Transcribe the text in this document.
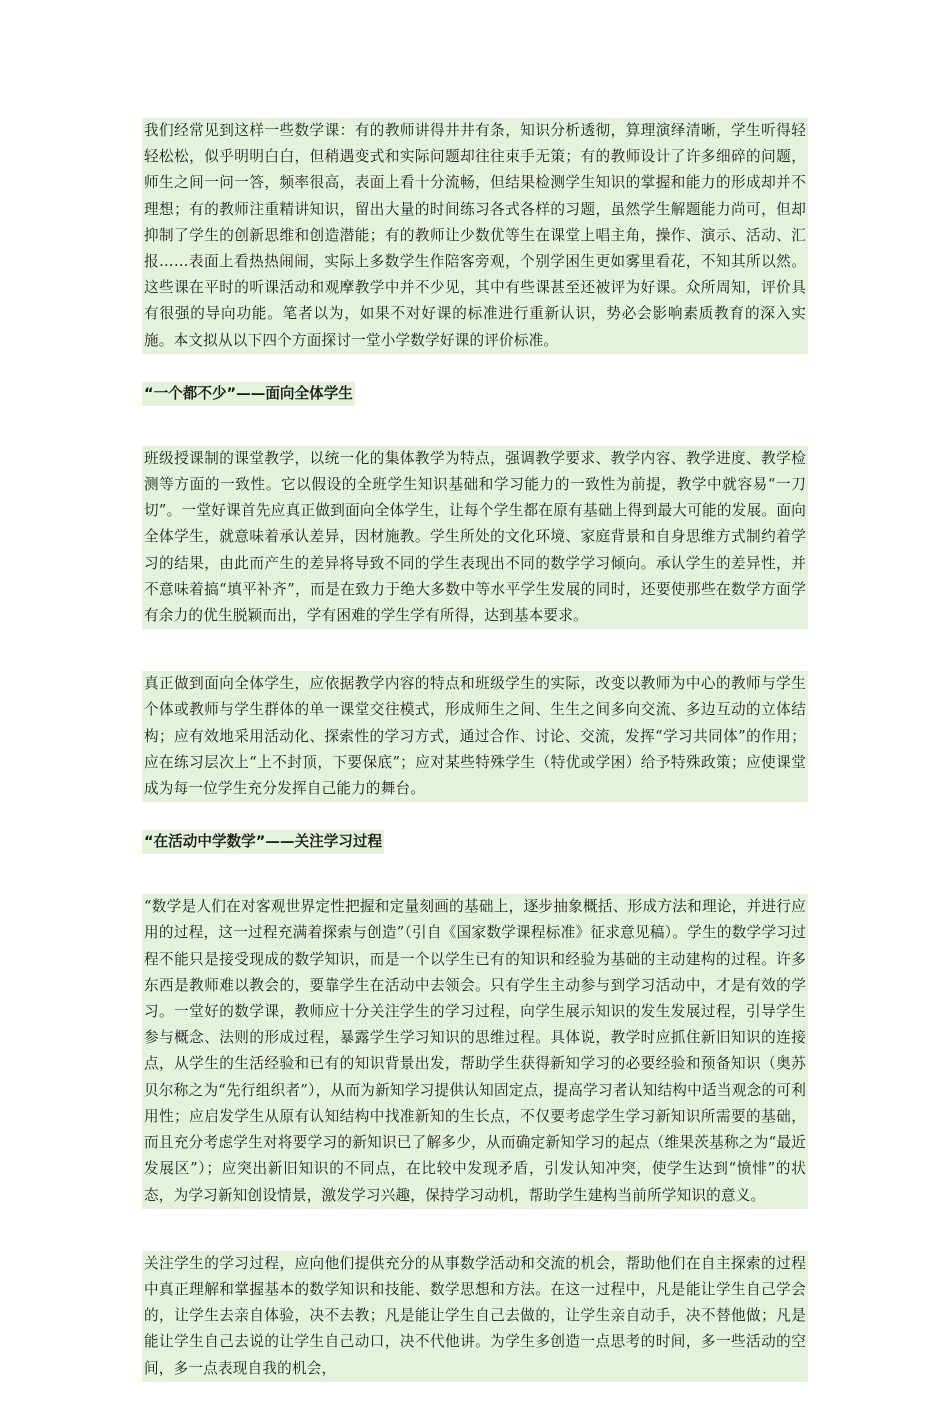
我们经常见到这样一些数学课：有的教师讲得井井有条，知识分析透彻，算理演绎清晰，学生听得轻轻松松，似乎明明白白，但稍遇变式和实际问题却往往束手无策；有的教师设计了许多细碎的问题，师生之间一问一答，频率很高，表面上看十分流畅，但结果检测学生知识的掌握和能力的形成却并不理想；有的教师注重精讲知识，留出大量的时间练习各式各样的习题，虽然学生解题能力尚可，但却抑制了学生的创新思维和创造潜能；有的教师让少数优等生在课堂上唱主角，操作、演示、活动、汇报……表面上看热热闹闹，实际上多数学生作陪客旁观，个别学困生更如雾里看花，不知其所以然。这些课在平时的听课活动和观摩教学中并不少见，其中有些课甚至还被评为好课。众所周知，评价具有很强的导向功能。笔者以为，如果不对好课的标准进行重新认识，势必会影响素质教育的深入实施。本文拟从以下四个方面探讨一堂小学数学好课的评价标准。

“一个都不少”——面向全体学生

班级授课制的课堂教学，以统一化的集体教学为特点，强调教学要求、教学内容、教学进度、教学检测等方面的一致性。它以假设的全班学生知识基础和学习能力的一致性为前提，教学中就容易“一刀切”。一堂好课首先应真正做到面向全体学生，让每个学生都在原有基础上得到最大可能的发展。面向全体学生，就意味着承认差异，因材施教。学生所处的文化环境、家庭背景和自身思维方式制约着学习的结果，由此而产生的差异将导致不同的学生表现出不同的数学学习倾向。承认学生的差异性，并不意味着搞“填平补齐”，而是在致力于绝大多数中等水平学生发展的同时，还要使那些在数学方面学有余力的优生脱颖而出，学有困难的学生学有所得，达到基本要求。

真正做到面向全体学生，应依据教学内容的特点和班级学生的实际，改变以教师为中心的教师与学生个体或教师与学生群体的单一课堂交往模式，形成师生之间、生生之间多向交流、多边互动的立体结构；应有效地采用活动化、探索性的学习方式，通过合作、讨论、交流，发挥“学习共同体”的作用；应在练习层次上“上不封顶，下要保底”；应对某些特殊学生（特优或学困）给予特殊政策；应使课堂成为每一位学生充分发挥自己能力的舞台。

“在活动中学数学”——关注学习过程

“数学是人们在对客观世界定性把握和定量刻画的基础上，逐步抽象概括、形成方法和理论，并进行应用的过程，这一过程充满着探索与创造”（引自《国家数学课程标准》征求意见稿）。学生的数学学习过程不能只是接受现成的数学知识，而是一个以学生已有的知识和经验为基础的主动建构的过程。许多东西是教师难以教会的，要靠学生在活动中去领会。只有学生主动参与到学习活动中，才是有效的学习。一堂好的数学课，教师应十分关注学生的学习过程，向学生展示知识的发生发展过程，引导学生参与概念、法则的形成过程，暴露学生学习知识的思维过程。具体说，教学时应抓住新旧知识的连接点，从学生的生活经验和已有的知识背景出发，帮助学生获得新知学习的必要经验和预备知识（奥苏贝尔称之为“先行组织者”），从而为新知学习提供认知固定点，提高学习者认知结构中适当观念的可利用性；应启发学生从原有认知结构中找准新知的生长点，不仅要考虑学生学习新知识所需要的基础，而且充分考虑学生对将要学习的新知识已了解多少，从而确定新知学习的起点（维果茨基称之为“最近发展区”）；应突出新旧知识的不同点，在比较中发现矛盾，引发认知冲突，使学生达到“愤悱”的状态，为学习新知创设情景，激发学习兴趣，保持学习动机，帮助学生建构当前所学知识的意义。

关注学生的学习过程，应向他们提供充分的从事数学活动和交流的机会，帮助他们在自主探索的过程中真正理解和掌握基本的数学知识和技能、数学思想和方法。在这一过程中，凡是能让学生自己学会的，让学生去亲自体验，决不去教；凡是能让学生自己去做的，让学生亲自动手，决不替他做；凡是能让学生自己去说的让学生自己动口，决不代他讲。为学生多创造一点思考的时间，多一些活动的空间，多一点表现自我的机会，
